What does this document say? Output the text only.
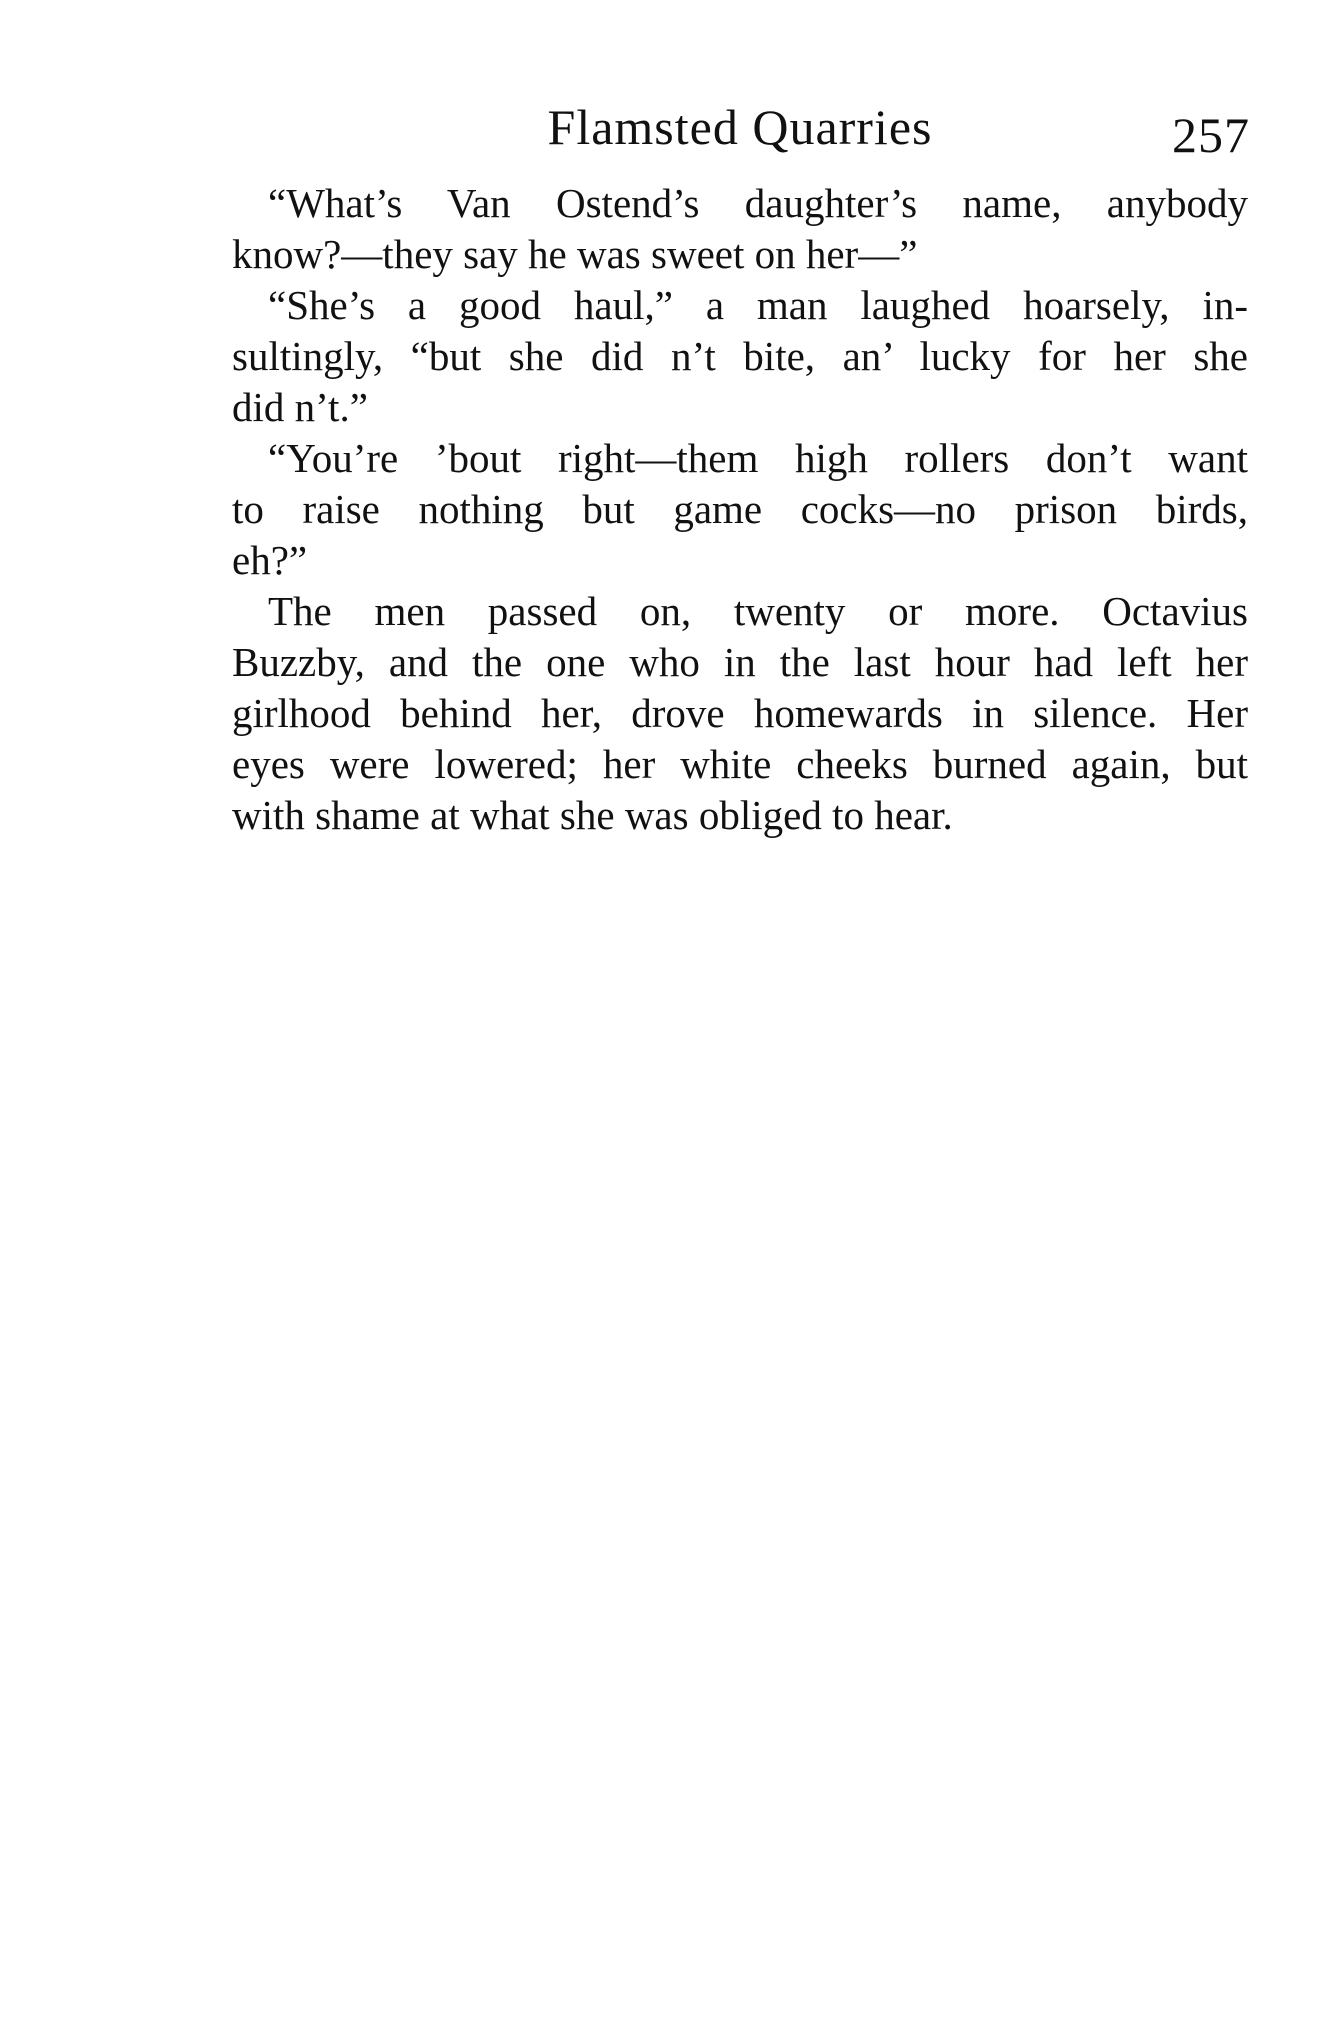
Flamsted Quarries	257
“What’s Van Ostend’s daughter’s name, anybody
know?—they say he was sweet on her—”
“She’s a good haul,” a man laughed hoarsely, in-
sultingly, “but she did n’t bite, an’ lucky for her she
did n’t.”
“You’re ’bout right—them high rollers don’t want
to raise nothing but game cocks—no prison birds,
eh?”
The men passed on, twenty or more. Octavius
Buzzby, and the one who in the last hour had left her
girlhood behind her, drove homewards in silence. Her
eyes were lowered; her white cheeks burned again, but
with shame at what she was obliged to hear.
